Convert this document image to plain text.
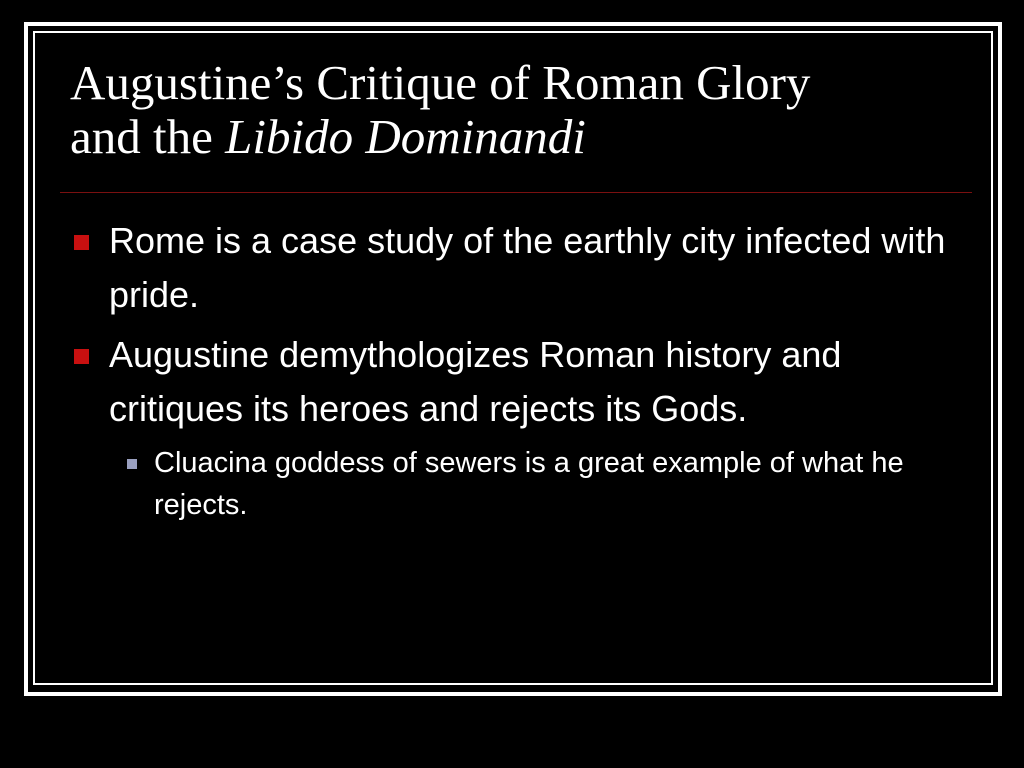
Augustine’s Critique of Roman Glory
and the Libido Dominandi
Rome is a case study of the earthly city infected with pride.
Augustine demythologizes Roman history and critiques its heroes and rejects its Gods.
Cluacina goddess of sewers is a great example of what he rejects.
